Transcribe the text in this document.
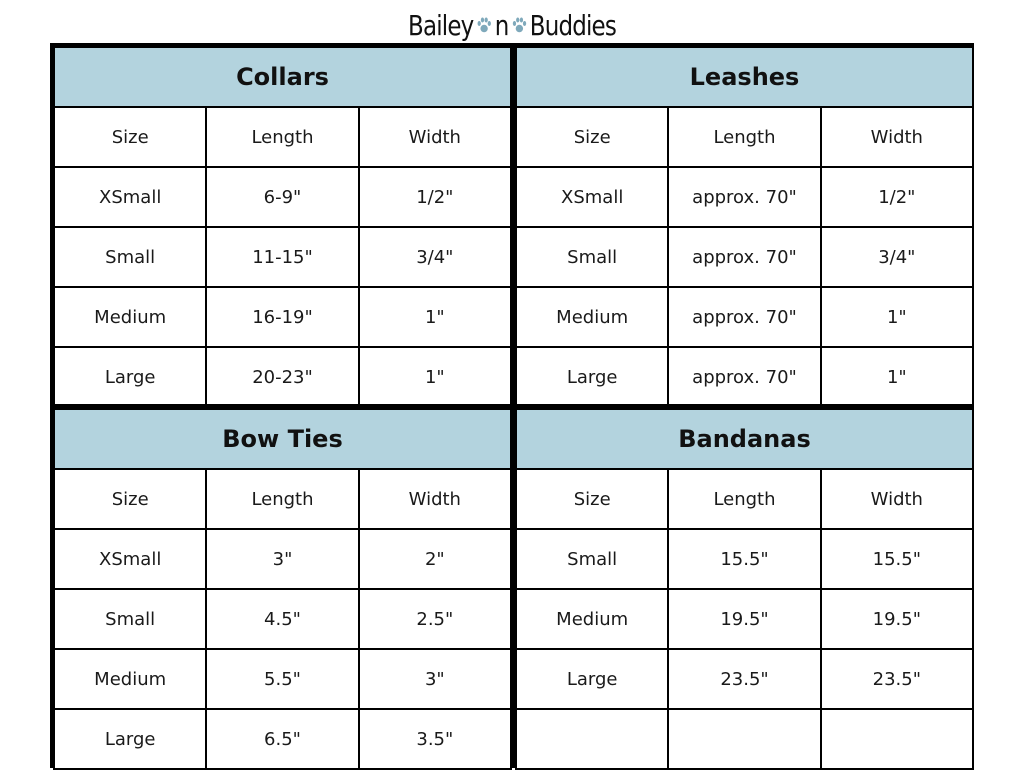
Bailey n Buddies
Collars		
Size	Length	Width
XSmall	6-9"	1/2"
Small	11-15"	3/4"
Medium	16-19"	1"
Large	20-23"	1"
Leashes		
Size	Length	Width
XSmall	approx. 70"	1/2"
Small	approx. 70"	3/4"
Medium	approx. 70"	1"
Large	approx. 70"	1"
Bow Ties		
Size	Length	Width
XSmall	3"	2"
Small	4.5"	2.5"
Medium	5.5"	3"
Large	6.5"	3.5"
Bandanas		
Size	Length	Width
Small	15.5"	15.5"
Medium	19.5"	19.5"
Large	23.5"	23.5"
